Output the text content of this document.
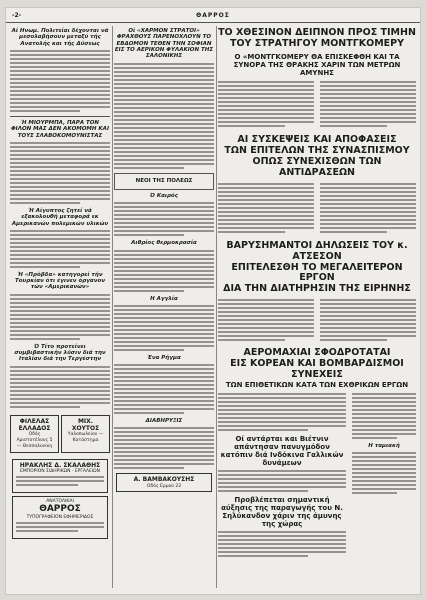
-2-	ΘΑΡΡΟΣ
Αί Ηνωμ. Πολιτείαι δέχονται νά μεσολαβήσουν μεταξύ τής Ανατολής και τής Δύσεως
Ή ΜΙΟΥΡΜΠΑ, ΠΑΡΑ ΤΟΝ ΦΙΛΟΝ ΜΑΣ ΔΕΝ ΑΚΟΜΟΜΗ ΚΑΙ ΤΟΥΣ ΣΛΑΒΟΚΟΜΟΥΝΙΣΤΑΣ
Ή Αίγυπτος ζητεί νά εξακολουθή μεταφορά εκ Αμερικανών πολεμικών υλικών
Ή «Πρόβδα» κατηγορεί τήν Τουρκίαν ότι έγινεν όργανον τών «Αμερικανών»
Ό Τίτο προτείνει συμβιβαστικήν λύσιν διά την Ιταλίαν διά την Τεργέστην
ΦΙΛΕΛΑΣ ΕΛΛΑΔΟΣ
Οδός Αριστοτέλους 5 — Θεσσαλονίκη
ΜΙΧ. ΧΟΥΤΟΣ
Υαλοπωλείον — Κατάστημα
ΗΡΑΚΛΗΣ Δ. ΣΚΑΛΑΘΗΣ
ΕΜΠΟΡΙΟΝ ΣΙΔΗΡΙΚΩΝ · ΕΡΓΑΛΕΙΩΝ
ΑΝΑΤΟΛΙΚΑΙ
ΘΑΡΡΟΣ
ΤΥΠΟΓΡΑΦΕΙΟΝ ΕΦΗΜΕΡΙΔΟΣ
Οί «ΧΑΡΜΟΝ ΣΤΡΑΤΟΙ» ΦΡΑΧΘΟΥΣ ΠΑΡΕΝΟΧΛΟΥΝ ΤΟ ΕΒΔΟΜΟΝ ΤΕΘΕΝ ΤΗΝ ΣΟΦΙΑΝ ΕΙΣ ΤΟ ΑΕΡΙΚΟΝ ΦΥΛΑΚΙΟΝ ΤΗΣ ΣΑΛΟΝΙΚΗΣ
ΝΕΟΙ ΤΗΣ ΠΟΛΕΩΣ
Ό Καιρός
Αιθρίος θερμοκρασία
Η Αγγλία
Ένα Ρήγμα
ΔΙΑΒΗΡΥΞΙΣ
Α. ΒΑΜΒΑΚΟΥΣΗΣ
Οδός Ερμού 22
ΤΟ ΧΘΕΣΙΝΟΝ ΔΕΙΠΝΟΝ ΠΡΟΣ ΤΙΜΗΝ
ΤΟΥ ΣΤΡΑΤΗΓΟΥ ΜΟΝΤΓΚΟΜΕΡΥ
Ο «ΜΟΝΤΓΚΟΜΕΡΥ ΘΑ ΕΠΙΣΚΕΦΘΗ ΚΑΙ ΤΑ ΣΥΝΟΡΑ ΤΗΣ ΘΡΑΚΗΣ ΧΑΡΙΝ ΤΩΝ ΜΕΤΡΩΝ ΑΜΥΝΗΣ
ΑΙ ΣΥΣΚΕΨΕΙΣ ΚΑΙ ΑΠΟΦΑΣΕΙΣ
ΤΩΝ ΕΠΙΤΕΛΩΝ ΤΗΣ ΣΥΝΑΣΠΙΣΜΟΥ
ΟΠΩΣ ΣΥΝΕΧΙΣΘΩΝ ΤΩΝ ΑΝΤΙΔΡΑΣΕΩΝ
ΒΑΡΥΣΗΜΑΝΤΟΙ ΔΗΛΩΣΕΙΣ ΤΟΥ κ. ΑΤΣΕΣΟΝ
ΕΠΙΤΕΛΕΣΘΗ ΤΟ ΜΕΓΑΛΕΙΤΕΡΟΝ ΕΡΓΟΝ
ΔΙΑ ΤΗΝ ΔΙΑΤΗΡΗΣΙΝ ΤΗΣ ΕΙΡΗΝΗΣ
ΑΕΡΟΜΑΧΙΑΙ ΣΦΟΔΡΟΤΑΤΑΙ
ΕΙΣ ΚΟΡΕΑΝ ΚΑΙ ΒΟΜΒΑΡΔΙΣΜΟΙ ΣΥΝΕΧΕΙΣ
ΤΩΝ ΕΠΙΘΕΤΙΚΩΝ ΚΑΤΑ ΤΩΝ ΕΧΘΡΙΚΩΝ ΕΡΓΩΝ
Οί αντάρται και Βιέτνιν απάντησαν πανυγμόδον κατόπιν διά Ινδόκινα Γαλλικών δυνάμεων
Προβλέπεται σημαντική αύξησις της παραγωγής του Ν. Σηλύκανδον χάριν της άμυνης της χώρας
Η ταμιακή
